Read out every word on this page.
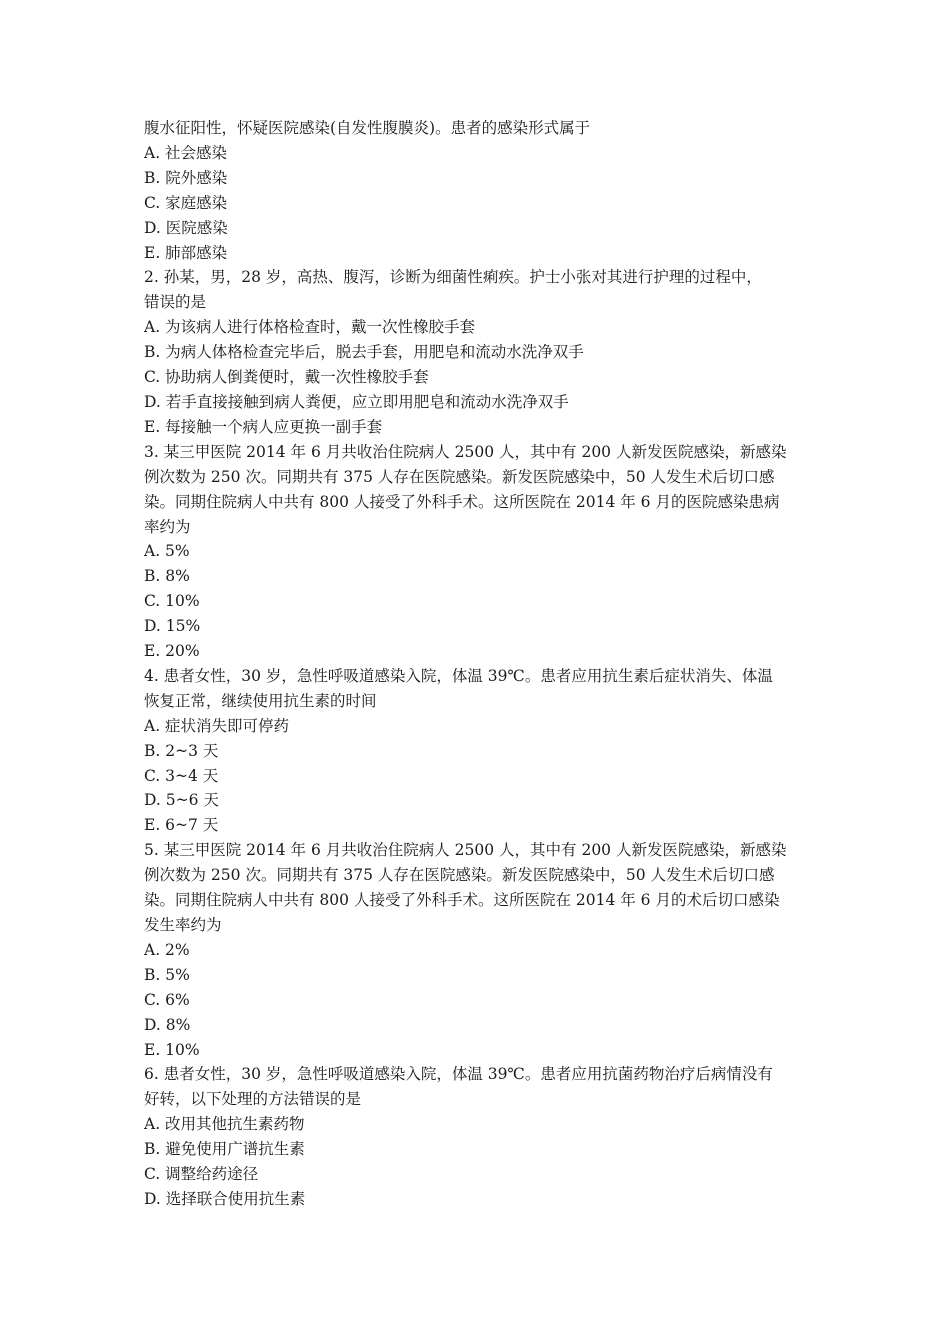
腹水征阳性，怀疑医院感染(自发性腹膜炎)。患者的感染形式属于
A. 社会感染
B. 院外感染
C. 家庭感染
D. 医院感染
E. 肺部感染
2. 孙某，男，28 岁，高热、腹泻，诊断为细菌性痢疾。护士小张对其进行护理的过程中，
错误的是
A. 为该病人进行体格检查时，戴一次性橡胶手套
B. 为病人体格检查完毕后，脱去手套，用肥皂和流动水洗净双手
C. 协助病人倒粪便时，戴一次性橡胶手套
D. 若手直接接触到病人粪便，应立即用肥皂和流动水洗净双手
E. 每接触一个病人应更换一副手套
3. 某三甲医院 2014 年 6 月共收治住院病人 2500 人，其中有 200 人新发医院感染，新感染
例次数为 250 次。同期共有 375 人存在医院感染。新发医院感染中，50 人发生术后切口感
染。同期住院病人中共有 800 人接受了外科手术。这所医院在 2014 年 6 月的医院感染患病
率约为
A. 5%
B. 8%
C. 10%
D. 15%
E. 20%
4. 患者女性，30 岁，急性呼吸道感染入院，体温 39℃。患者应用抗生素后症状消失、体温
恢复正常，继续使用抗生素的时间
A. 症状消失即可停药
B. 2~3 天
C. 3~4 天
D. 5~6 天
E. 6~7 天
5. 某三甲医院 2014 年 6 月共收治住院病人 2500 人，其中有 200 人新发医院感染，新感染
例次数为 250 次。同期共有 375 人存在医院感染。新发医院感染中，50 人发生术后切口感
染。同期住院病人中共有 800 人接受了外科手术。这所医院在 2014 年 6 月的术后切口感染
发生率约为
A. 2%
B. 5%
C. 6%
D. 8%
E. 10%
6. 患者女性，30 岁，急性呼吸道感染入院，体温 39℃。患者应用抗菌药物治疗后病情没有
好转，以下处理的方法错误的是
A. 改用其他抗生素药物
B. 避免使用广谱抗生素
C. 调整给药途径
D. 选择联合使用抗生素
